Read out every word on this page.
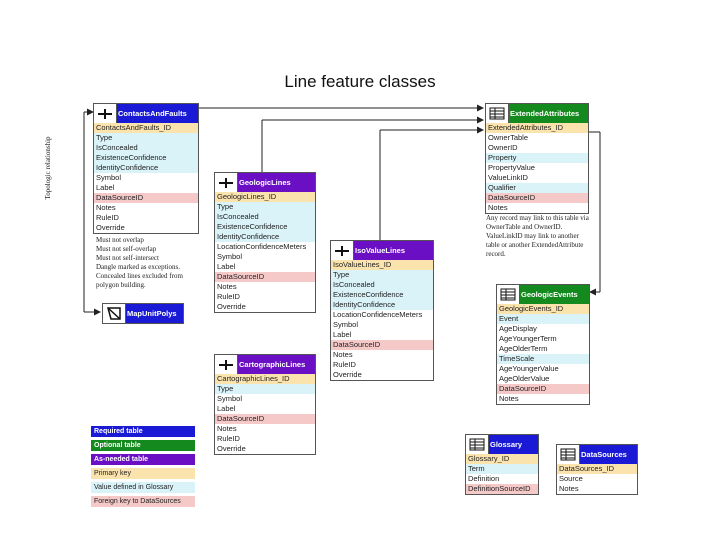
Line feature classes
Topologic relationship
ContactsAndFaults
ContactsAndFaults_ID
Type
IsConcealed
ExistenceConfidence
IdentityConfidence
Symbol
Label
DataSourceID
Notes
RuleID
Override
GeologicLines
GeologicLines_ID
Type
IsConcealed
ExistenceConfidence
IdentityConfidence
LocationConfidenceMeters
Symbol
Label
DataSourceID
Notes
RuleID
Override
IsoValueLines
IsoValueLines_ID
Type
IsConcealed
ExistenceConfidence
IdentityConfidence
LocationConfidenceMeters
Symbol
Label
DataSourceID
Notes
RuleID
Override
CartographicLines
CartographicLines_ID
Type
Symbol
Label
DataSourceID
Notes
RuleID
Override
ExtendedAttributes
ExtendedAttributes_ID
OwnerTable
OwnerID
Property
PropertyValue
ValueLinkID
Qualifier
DataSourceID
Notes
Any record may link to this table via
OwnerTable and OwnerID.
ValueLinkID may link to another
table or another ExtendedAttribute
record.
GeologicEvents
GeologicEvents_ID
Event
AgeDisplay
AgeYoungerTerm
AgeOlderTerm
TimeScale
AgeYoungerValue
AgeOlderValue
DataSourceID
Notes
Glossary
Glossary_ID
Term
Definition
DefinitionSourceID
DataSources
DataSources_ID
Source
Notes
MapUnitPolys
Must not overlap
Must not self-overlap
Must not self-intersect
Dangle marked as exceptions.
Concealed lines excluded from
polygon building.
Required table
Optional table
As-needed table
Primary key
Value defined in Glossary
Foreign key to DataSources
